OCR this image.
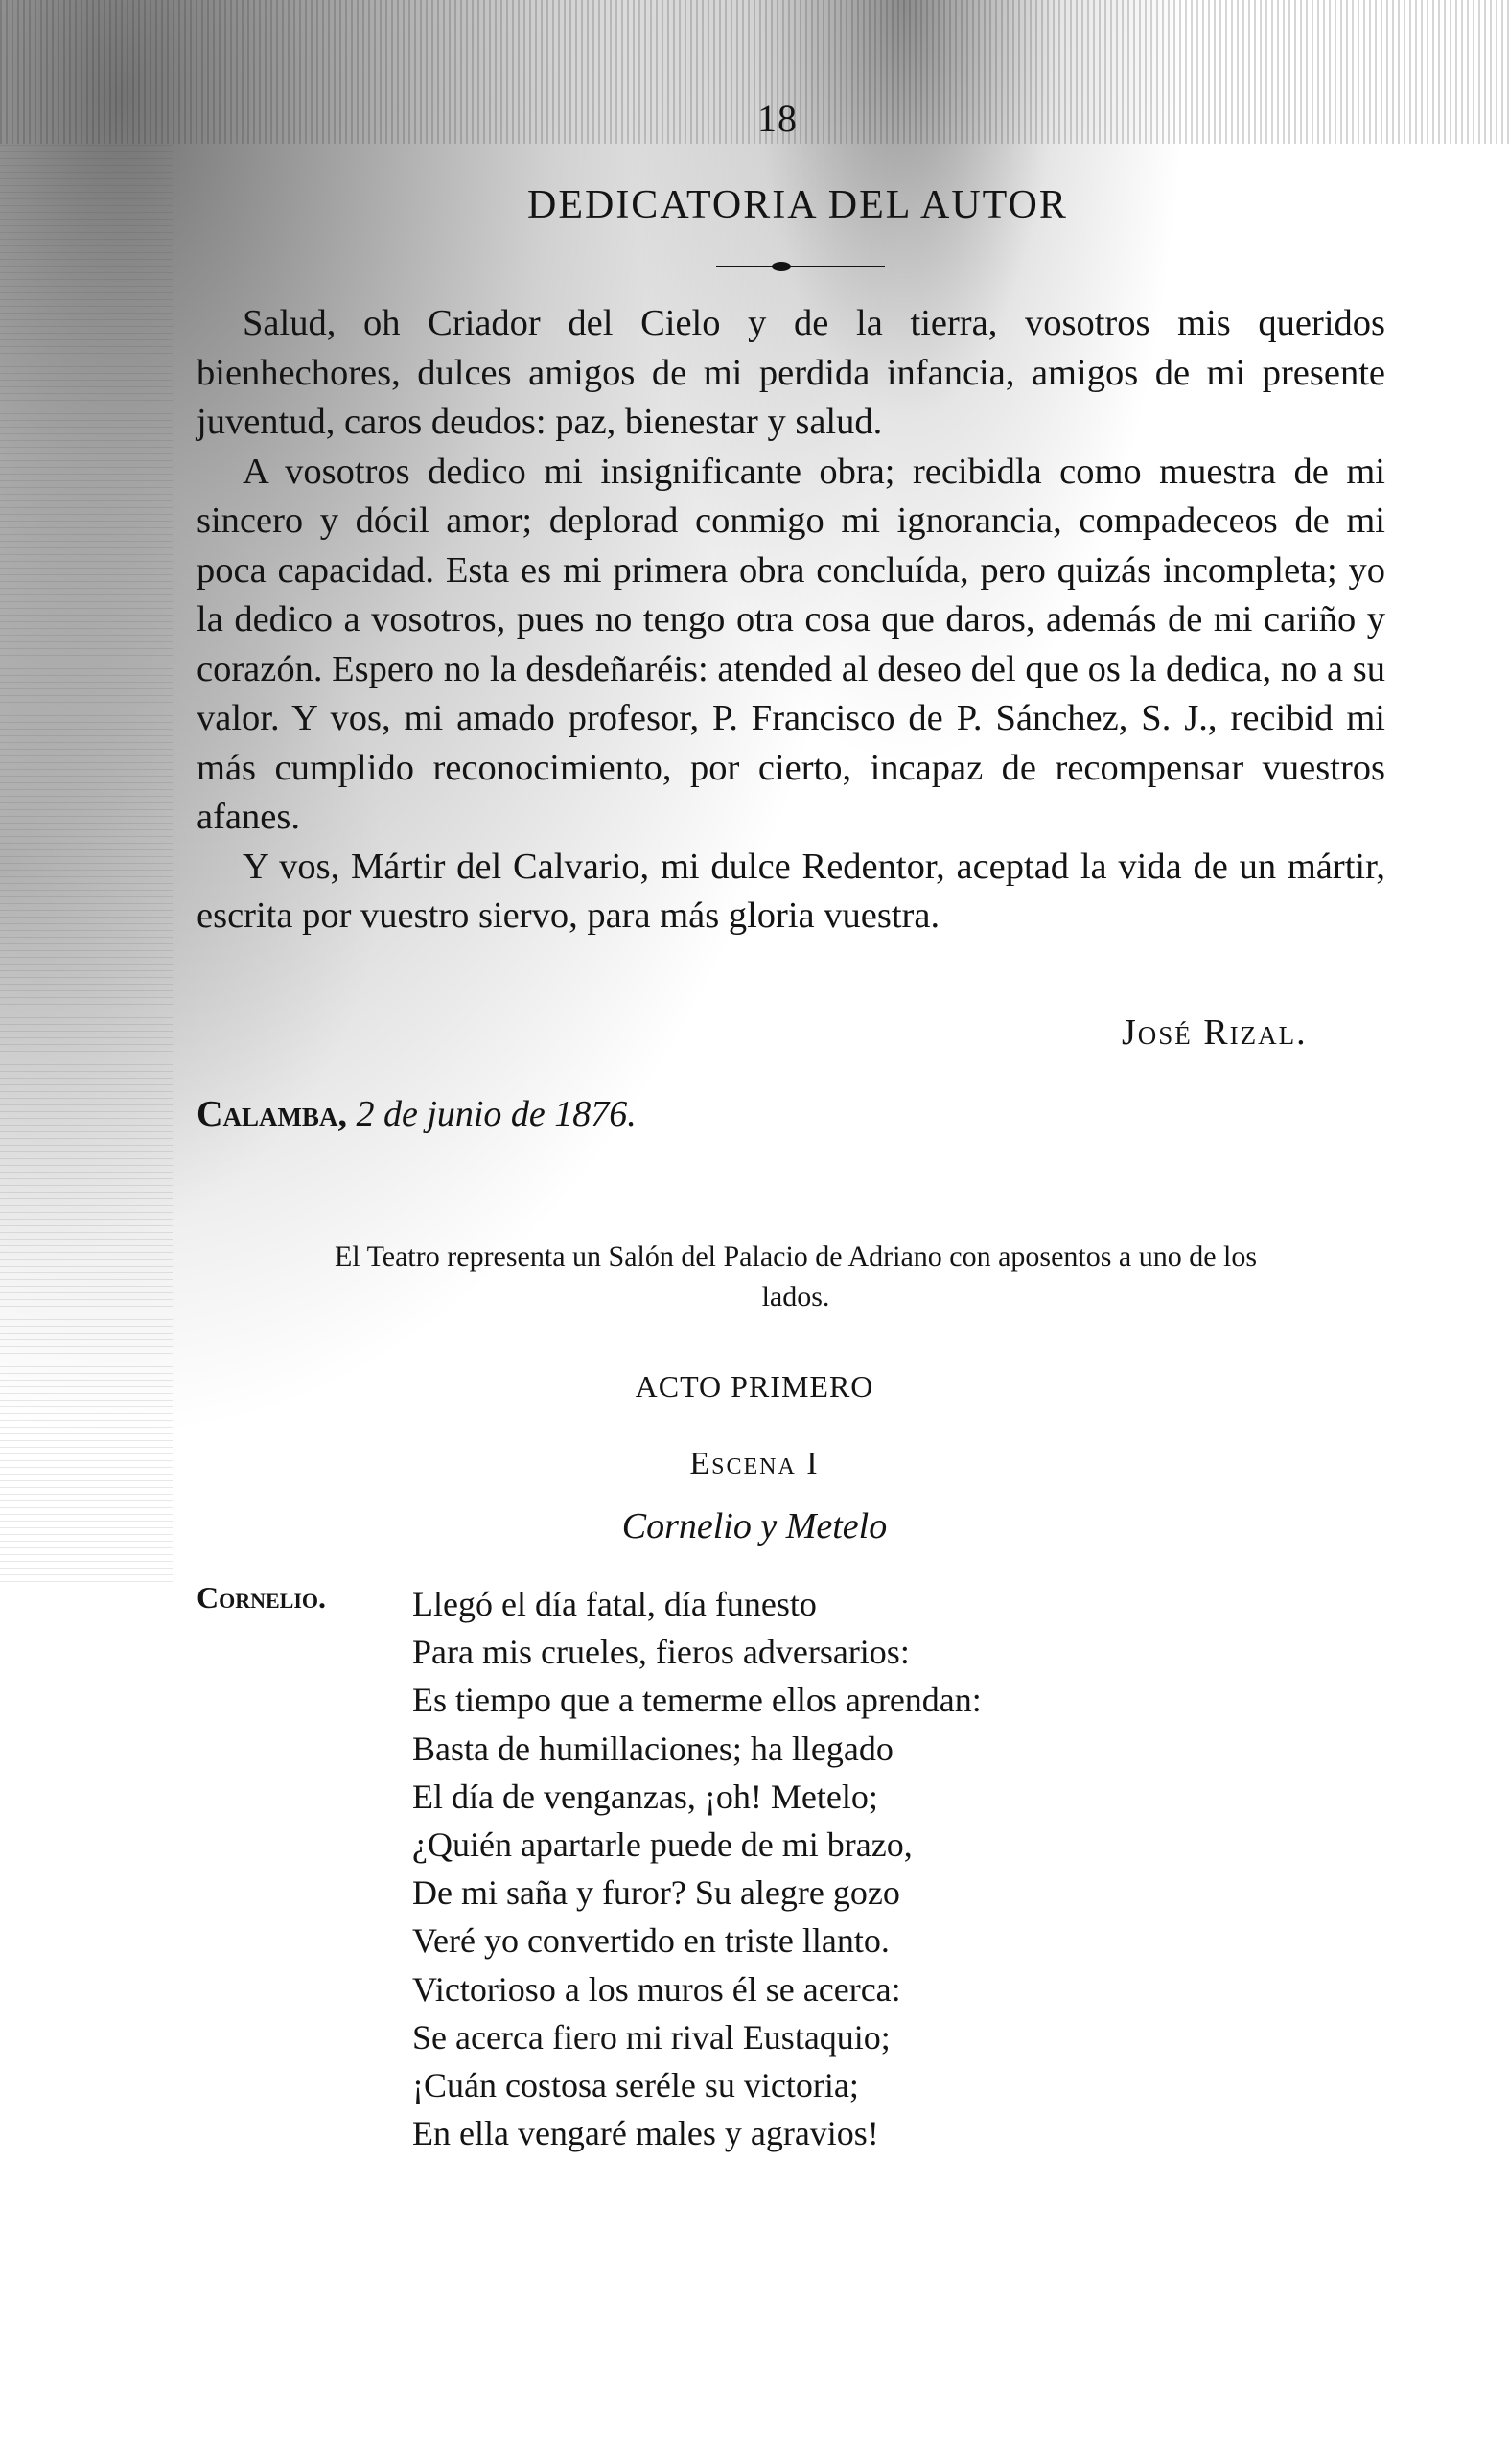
18
DEDICATORIA DEL AUTOR

Salud, oh Criador del Cielo y de la tierra, vosotros mis queridos bienhechores, dulces amigos de mi perdida infancia, amigos de mi presente juventud, caros deudos: paz, bienestar y salud.

A vosotros dedico mi insignificante obra; recibidla como muestra de mi sincero y dócil amor; deplorad conmigo mi ignorancia, compadeceos de mi poca capacidad. Esta es mi primera obra concluída, pero quizás incompleta; yo la dedico a vosotros, pues no tengo otra cosa que daros, además de mi cariño y corazón. Espero no la desdeñaréis: atended al deseo del que os la dedica, no a su valor. Y vos, mi amado profesor, P. Francisco de P. Sánchez, S. J., recibid mi más cumplido reconocimiento, por cierto, incapaz de recompensar vuestros afanes.

Y vos, Mártir del Calvario, mi dulce Redentor, aceptad la vida de un mártir, escrita por vuestro siervo, para más gloria vuestra.

José Rizal.
Calamba, 2 de junio de 1876.
El Teatro representa un Salón del Palacio de Adriano con aposentos a uno de los lados.
ACTO PRIMERO
Escena I
Cornelio y Metelo
Cornelio. Llegó el día fatal, día funesto
Para mis crueles, fieros adversarios:
Es tiempo que a temerme ellos aprendan:
Basta de humillaciones; ha llegado
El día de venganzas, ¡oh! Metelo;
¿Quién apartarle puede de mi brazo,
De mi saña y furor? Su alegre gozo
Veré yo convertido en triste llanto.
Victorioso a los muros él se acerca:
Se acerca fiero mi rival Eustaquio;
¡Cuán costosa seréle su victoria;
En ella vengaré males y agravios!
